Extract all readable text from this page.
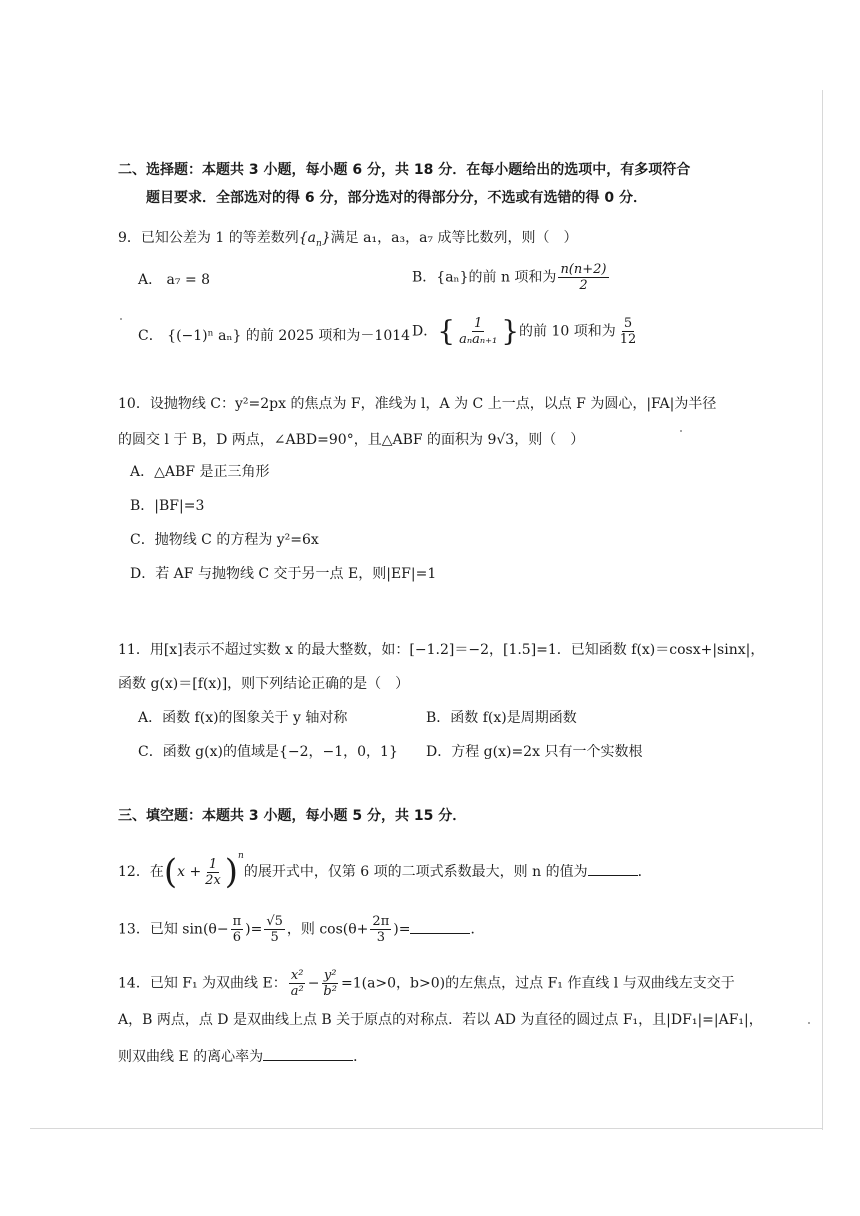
二、选择题：本题共 3 小题，每小题 6 分，共 18 分．在每小题给出的选项中，有多项符合
题目要求．全部选对的得 6 分，部分选对的得部分分，不选或有选错的得 0 分．
9．已知公差为 1 的等差数列$\{a_n\}$满足 a₁，a₃，a₇ 成等比数列，则（　）
A． a₇ = 8	B．{aₙ}的前 n 项和为 $\frac{n(n+2)}{2}$
C． {(−1)ⁿ aₙ} 的前 2025 项和为－1014 D．{ $\frac{1}{\text{aₙaₙ₊₁}}$ }的前 10 项和为 $\frac{5}{12}$
10．设抛物线 C：y²=2px 的焦点为 F，准线为 l，A 为 C 上一点，以点 F 为圆心，|FA|为半径
的圆交 l 于 B，D 两点，∠ABD=90°，且△ABF 的面积为 9√3，则（　）
A．△ABF 是正三角形
B．|BF|=3
C．抛物线 C 的方程为 y²=6x
D．若 AF 与抛物线 C 交于另一点 E，则|EF|=1
11．用[x]表示不超过实数 x 的最大整数，如：[−1.2]＝−2，[1.5]=1．已知函数 f(x)＝cosx+|sinx|，
函数 g(x)＝[f(x)]，则下列结论正确的是（　）
A．函数 f(x)的图象关于 y 轴对称	B．函数 f(x)是周期函数
C．函数 g(x)的值域是{−2，−1，0，1} D．方程 g(x)=2x 只有一个实数根
三、填空题：本题共 3 小题，每小题 5 分，共 15 分．
12．在$(x + \frac{1}{2x} )^n$的展开式中，仅第 6 项的二项式系数最大，则 n 的值为	．
13．已知 $\sin(\theta- \frac{\pi}{6}$ )= $\frac{√5}{5}$ ，则 $\cos(\theta+ \frac{2\pi}{3}$ )=	．
14．已知 F₁ 为双曲线 E： $\frac{\text{x²}}{\text{a²}} - \frac{\text{y²}}{\text{b²}} =1(a>0$，b>0)的左焦点，过点 F₁ 作直线 l 与双曲线左支交于
A，B 两点，点 D 是双曲线上点 B 关于原点的对称点．若以 AD 为直径的圆过点 F₁，且|DF₁|=|AF₁|，
则双曲线 E 的离心率为	．
